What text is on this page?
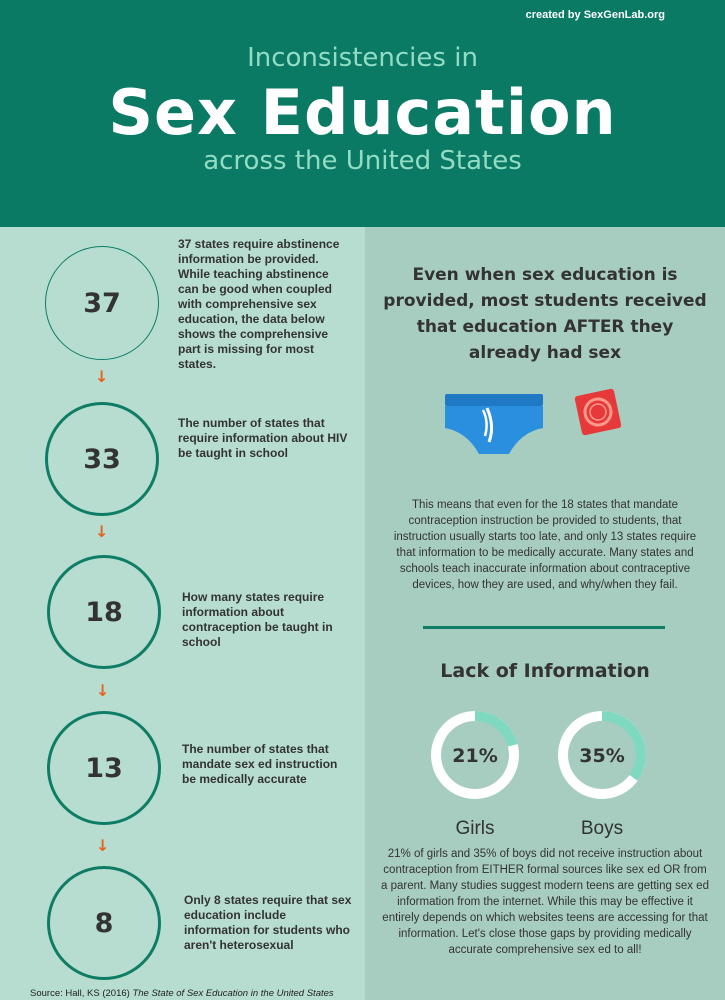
created by SexGenLab.org
Inconsistencies in
Sex Education
across the United States
37
37 states require abstinence information be provided. While teaching abstinence can be good when coupled with comprehensive sex education, the data below shows the comprehensive part is missing for most states.
↓
33
The number of states that require information about HIV be taught in school
↓
18	How many states require information about contraception be taught in school
↓
13
The number of states that mandate sex ed instruction be medically accurate
↓
8
Only 8 states require that sex education include information for students who aren't heterosexual
Source: Hall, KS (2016) The State of Sex Education in the United States
Even when sex education is provided, most students received that education AFTER they already had sex
This means that even for the 18 states that mandate contraception instruction be provided to students, that instruction usually starts too late, and only 13 states require that information to be medically accurate. Many states and schools teach inaccurate information about contraceptive devices, how they are used, and why/when they fail.
Lack of Information
21%	35%
Girls	Boys
21% of girls and 35% of boys did not receive instruction about contraception from EITHER formal sources like sex ed OR from a parent. Many studies suggest modern teens are getting sex ed information from the internet. While this may be effective it entirely depends on which websites teens are accessing for that information. Let's close those gaps by providing medically accurate comprehensive sex ed to all!
